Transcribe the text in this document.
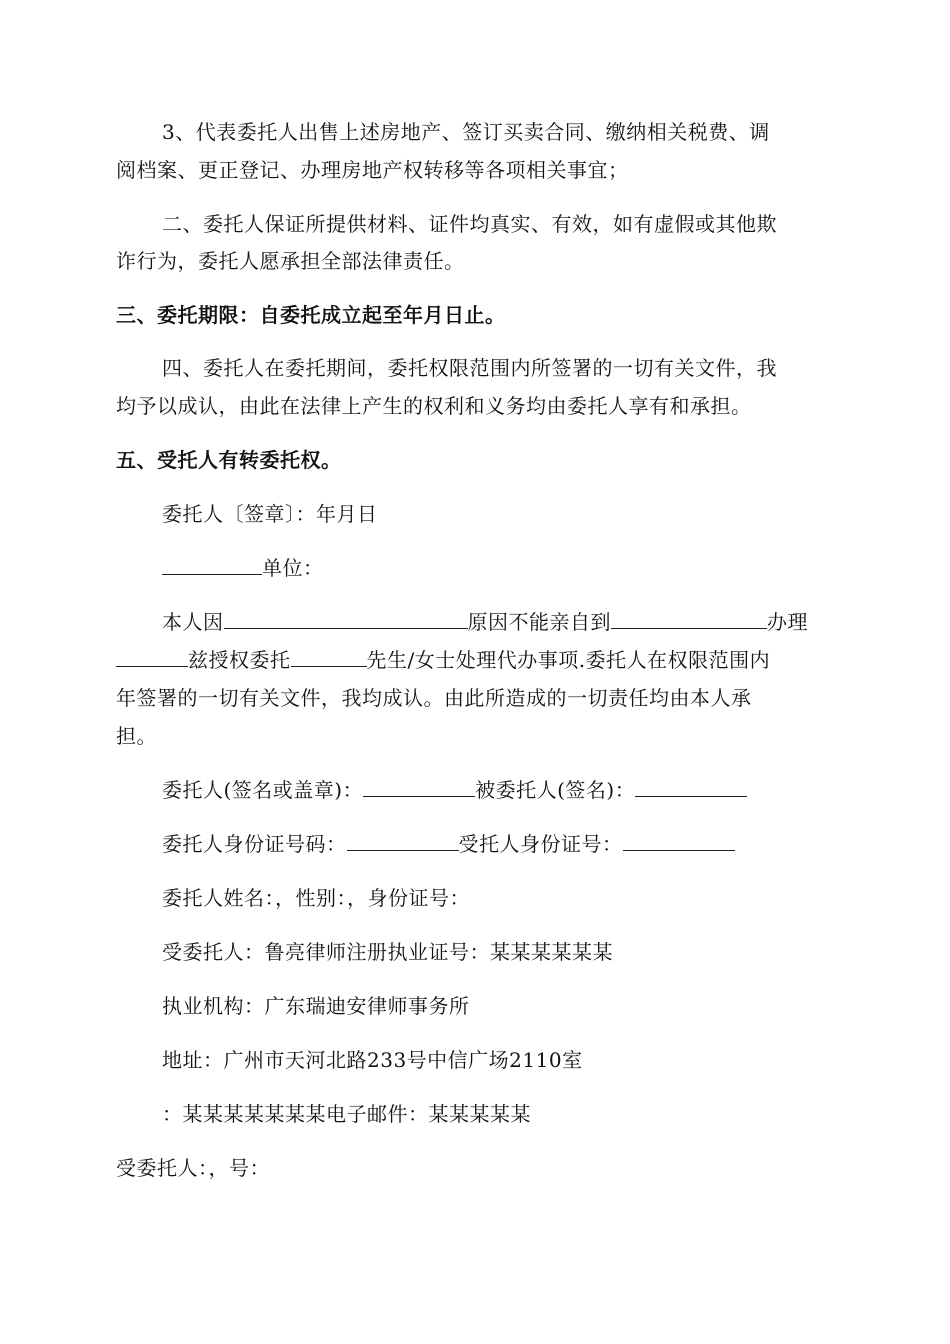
3、代表委托人出售上述房地产、签订买卖合同、缴纳相关税费、调
阅档案、更正登记、办理房地产权转移等各项相关事宜；
二、委托人保证所提供材料、证件均真实、有效，如有虚假或其他欺
诈行为，委托人愿承担全部法律责任。
三、委托期限：自委托成立起至年月日止。
四、委托人在委托期间，委托权限范围内所签署的一切有关文件，我
均予以成认，由此在法律上产生的权利和义务均由委托人享有和承担。
五、受托人有转委托权。
委托人〔签章〕：年月日
单位：
本人因	原因不能亲自到	办理
兹授权委托	先生/女士处理代办事项.委托人在权限范围内
年签署的一切有关文件，我均成认。由此所造成的一切责任均由本人承
担。
委托人(签名或盖章)：	被委托人(签名)：
委托人身份证号码：	受托人身份证号：
委托人姓名：，性别：，身份证号：
受委托人：鲁亮律师注册执业证号：某某某某某某
执业机构：广东瑞迪安律师事务所
地址：广州市天河北路233号中信广场2110室
：某某某某某某某电子邮件：某某某某某
受委托人：，号：
